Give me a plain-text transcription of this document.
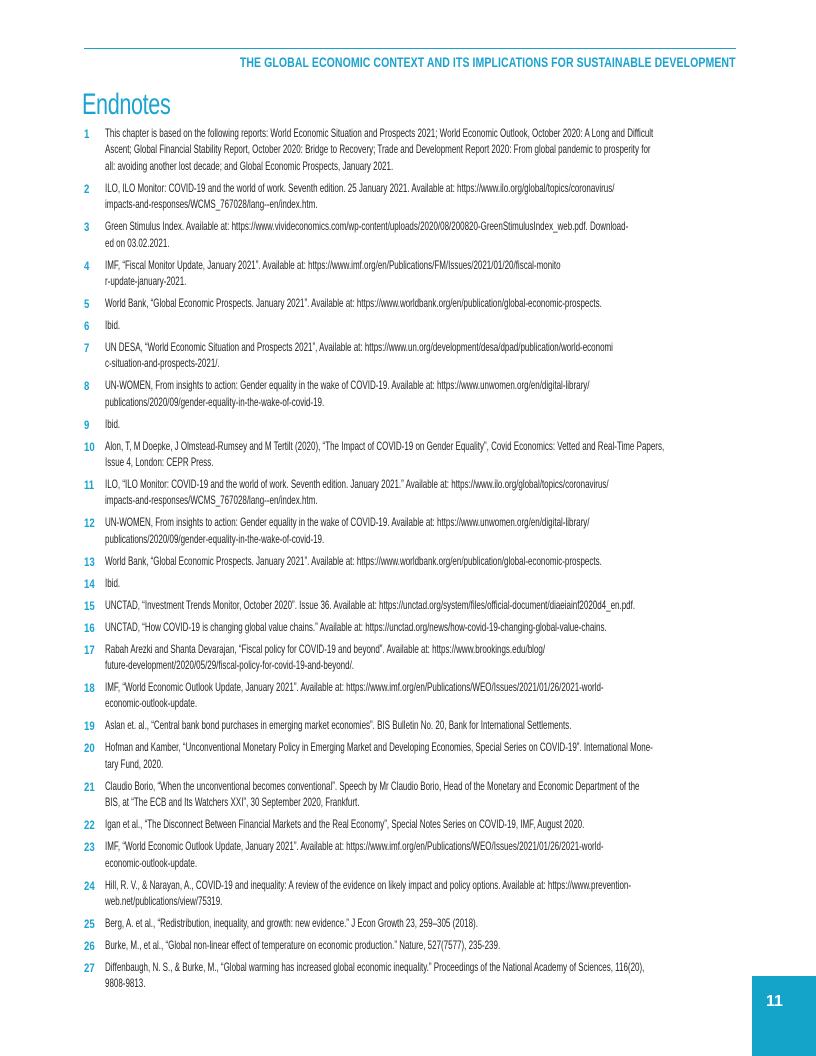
THE GLOBAL ECONOMIC CONTEXT AND ITS IMPLICATIONS FOR SUSTAINABLE DEVELOPMENT
Endnotes
1	This chapter is based on the following reports: World Economic Situation and Prospects 2021; World Economic Outlook, October 2020: A Long and Difficult
Ascent; Global Financial Stability Report, October 2020: Bridge to Recovery; Trade and Development Report 2020: From global pandemic to prosperity for
all: avoiding another lost decade; and Global Economic Prospects, January 2021.
2	ILO, ILO Monitor: COVID-19 and the world of work. Seventh edition. 25 January 2021. Available at: https://www.ilo.org/global/topics/coronavirus/
impacts-and-responses/WCMS_767028/lang--en/index.htm.
3	Green Stimulus Index. Available at: https://www.vivideconomics.com/wp-content/uploads/2020/08/200820-GreenStimulusIndex_web.pdf. Download-
ed on 03.02.2021.
4	IMF, “Fiscal Monitor Update, January 2021”. Available at: https://www.imf.org/en/Publications/FM/Issues/2021/01/20/fiscal-monito
r-update-january-2021.
5	World Bank, “Global Economic Prospects. January 2021”. Available at: https://www.worldbank.org/en/publication/global-economic-prospects.
6	Ibid.
7	UN DESA, “World Economic Situation and Prospects 2021”, Available at: https://www.un.org/development/desa/dpad/publication/world-economi
c-situation-and-prospects-2021/.
8	UN-WOMEN, From insights to action: Gender equality in the wake of COVID-19. Available at: https://www.unwomen.org/en/digital-library/
publications/2020/09/gender-equality-in-the-wake-of-covid-19.
9	Ibid.
10 Alon, T, M Doepke, J Olmstead-Rumsey and M Tertilt (2020), “The Impact of COVID-19 on Gender Equality”, Covid Economics: Vetted and Real-Time Papers,
Issue 4, London: CEPR Press.
11 ILO, “ILO Monitor: COVID-19 and the world of work. Seventh edition. January 2021.” Available at: https://www.ilo.org/global/topics/coronavirus/
impacts-and-responses/WCMS_767028/lang--en/index.htm.
12 UN-WOMEN, From insights to action: Gender equality in the wake of COVID-19. Available at: https://www.unwomen.org/en/digital-library/
publications/2020/09/gender-equality-in-the-wake-of-covid-19.
13 World Bank, “Global Economic Prospects. January 2021”. Available at: https://www.worldbank.org/en/publication/global-economic-prospects.
14 Ibid.
15 UNCTAD, “Investment Trends Monitor, October 2020”. Issue 36. Available at: https://unctad.org/system/files/official-document/diaeiainf2020d4_en.pdf.
16 UNCTAD, “How COVID-19 is changing global value chains.” Available at: https://unctad.org/news/how-covid-19-changing-global-value-chains.
17 Rabah Arezki and Shanta Devarajan, “Fiscal policy for COVID-19 and beyond”. Available at: https://www.brookings.edu/blog/
future-development/2020/05/29/fiscal-policy-for-covid-19-and-beyond/.
18 IMF, “World Economic Outlook Update, January 2021”. Available at: https://www.imf.org/en/Publications/WEO/Issues/2021/01/26/2021-world-
economic-outlook-update.
19 Aslan et. al., “Central bank bond purchases in emerging market economies”. BIS Bulletin No. 20, Bank for International Settlements.
20 Hofman and Kamber, “Unconventional Monetary Policy in Emerging Market and Developing Economies, Special Series on COVID-19”. International Mone-
tary Fund, 2020.
21 Claudio Borio, “When the unconventional becomes conventional”. Speech by Mr Claudio Borio, Head of the Monetary and Economic Department of the
BIS, at “The ECB and Its Watchers XXI”, 30 September 2020, Frankfurt.
22 Igan et al., “The Disconnect Between Financial Markets and the Real Economy”, Special Notes Series on COVID-19, IMF, August 2020.
23 IMF, “World Economic Outlook Update, January 2021”. Available at: https://www.imf.org/en/Publications/WEO/Issues/2021/01/26/2021-world-
economic-outlook-update.
24 Hill, R. V., & Narayan, A., COVID-19 and inequality: A review of the evidence on likely impact and policy options. Available at: https://www.prevention-
web.net/publications/view/75319.
25 Berg, A. et al., “Redistribution, inequality, and growth: new evidence.” J Econ Growth 23, 259–305 (2018).
26 Burke, M., et al., “Global non-linear effect of temperature on economic production.” Nature, 527(7577), 235-239.
27 Diffenbaugh, N. S., & Burke, M., “Global warming has increased global economic inequality.” Proceedings of the National Academy of Sciences, 116(20),
9808-9813.
11
